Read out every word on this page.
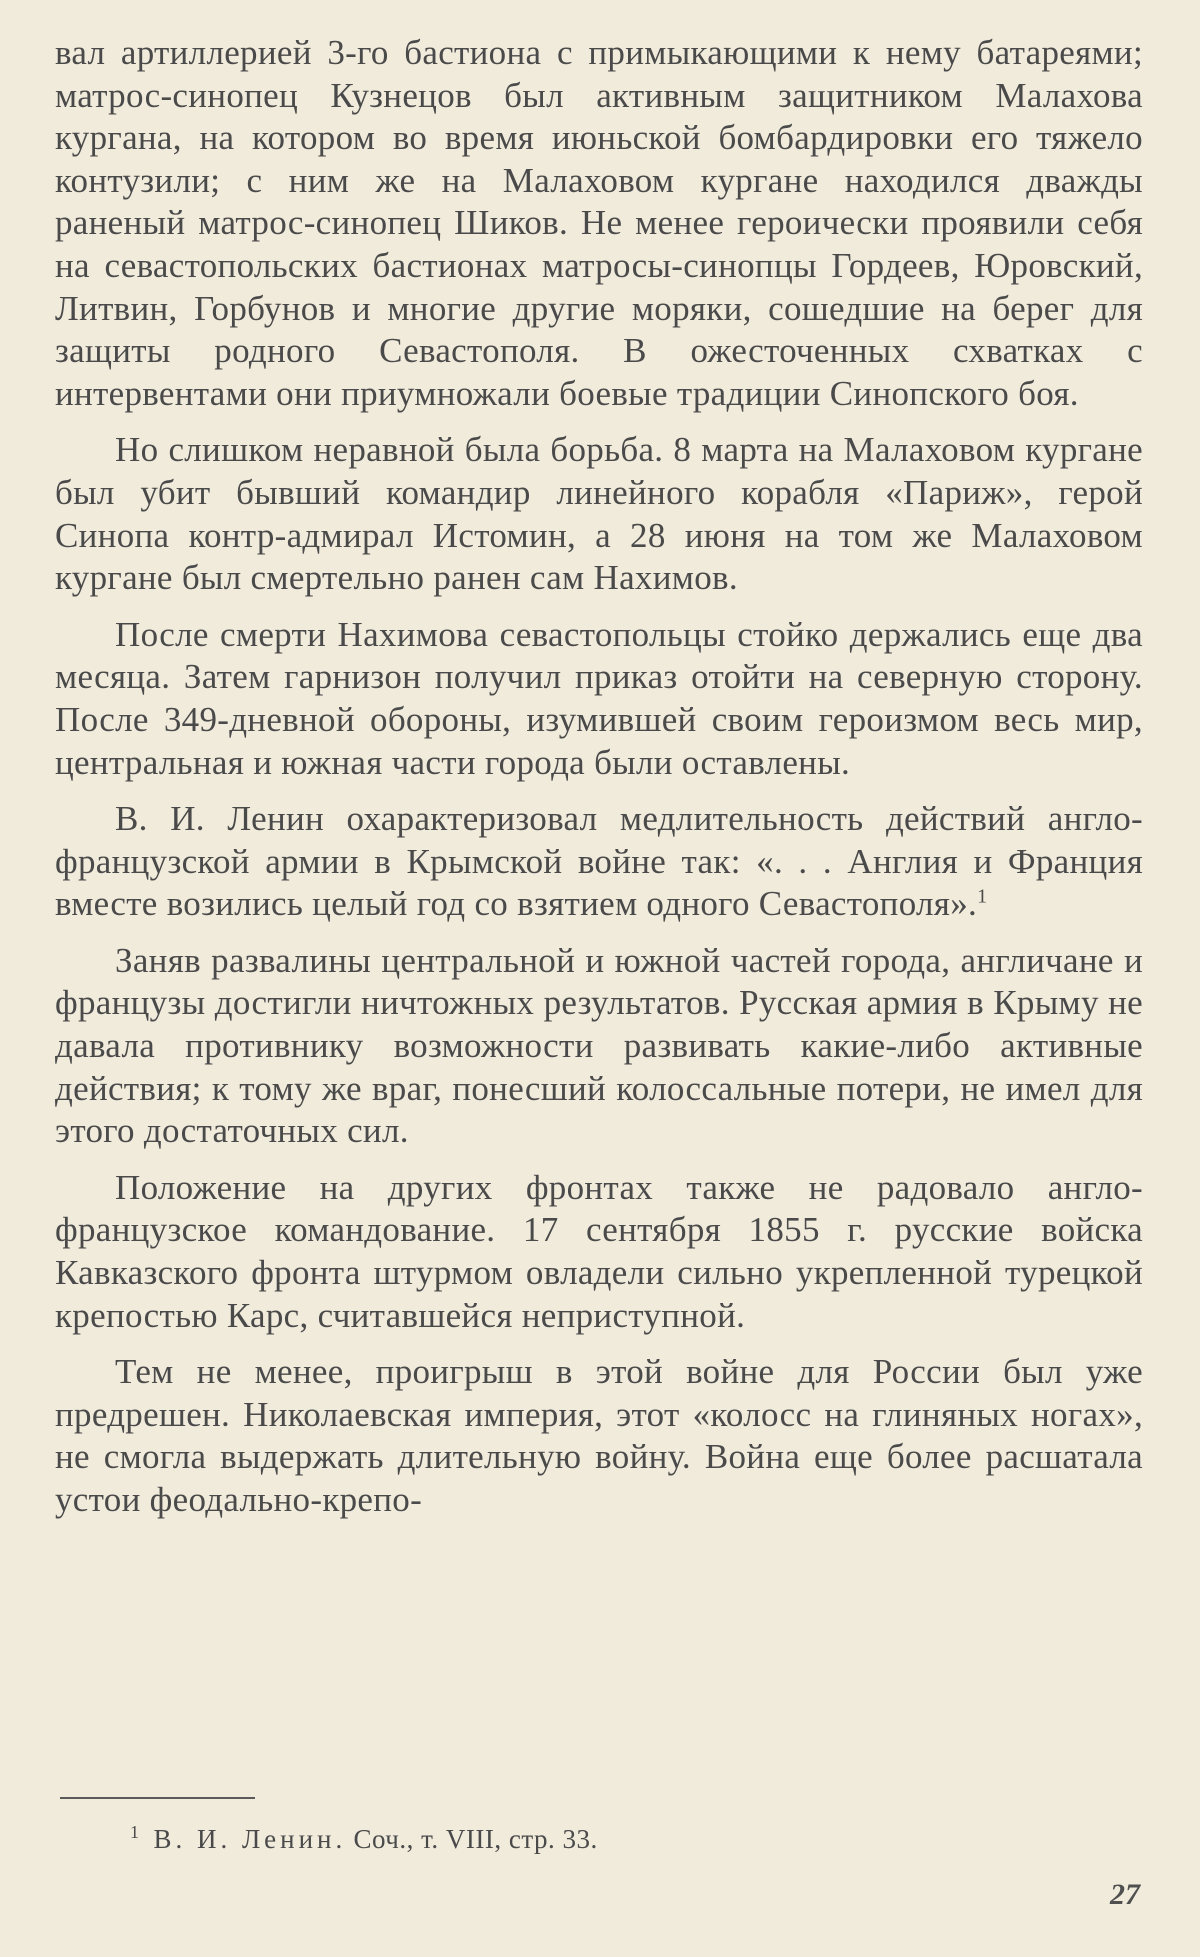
вал артиллерией 3-го бастиона с примыкающими к нему батареями; матрос-синопец Кузнецов был активным защитником Малахова кургана, на котором во время июньской бомбардировки его тяжело контузили; с ним же на Малаховом кургане находился дважды раненый матрос-синопец Шиков. Не менее героически проявили себя на севастопольских бастионах матросы-синопцы Гордеев, Юровский, Литвин, Горбунов и многие другие моряки, сошедшие на берег для защиты родного Севастополя. В ожесточенных схватках с интервентами они приумножали боевые традиции Синопского боя.

Но слишком неравной была борьба. 8 марта на Малаховом кургане был убит бывший командир линейного корабля «Париж», герой Синопа контр-адмирал Истомин, а 28 июня на том же Малаховом кургане был смертельно ранен сам Нахимов.

После смерти Нахимова севастопольцы стойко держались еще два месяца. Затем гарнизон получил приказ отойти на северную сторону. После 349-дневной обороны, изумившей своим героизмом весь мир, центральная и южная части города были оставлены.

В. И. Ленин охарактеризовал медлительность действий англо-французской армии в Крымской войне так: «. . . Англия и Франция вместе возились целый год со взятием одного Севастополя».$^1$

Заняв развалины центральной и южной частей города, англичане и французы достигли ничтожных результатов. Русская армия в Крыму не давала противнику возможности развивать какие-либо активные действия; к тому же враг, понесший колоссальные потери, не имел для этого достаточных сил.

Положение на других фронтах также не радовало англо-французское командование. 17 сентября 1855 г. русские войска Кавказского фронта штурмом овладели сильно укрепленной турецкой крепостью Карс, считавшейся неприступной.

Тем не менее, проигрыш в этой войне для России был уже предрешен. Николаевская империя, этот «колосс на глиняных ногах», не смогла выдержать длительную войну. Война еще более расшатала устои феодально-крепо-

$^1$ В. И. Ленин. Соч., т. VIII, стр. 33.
27
